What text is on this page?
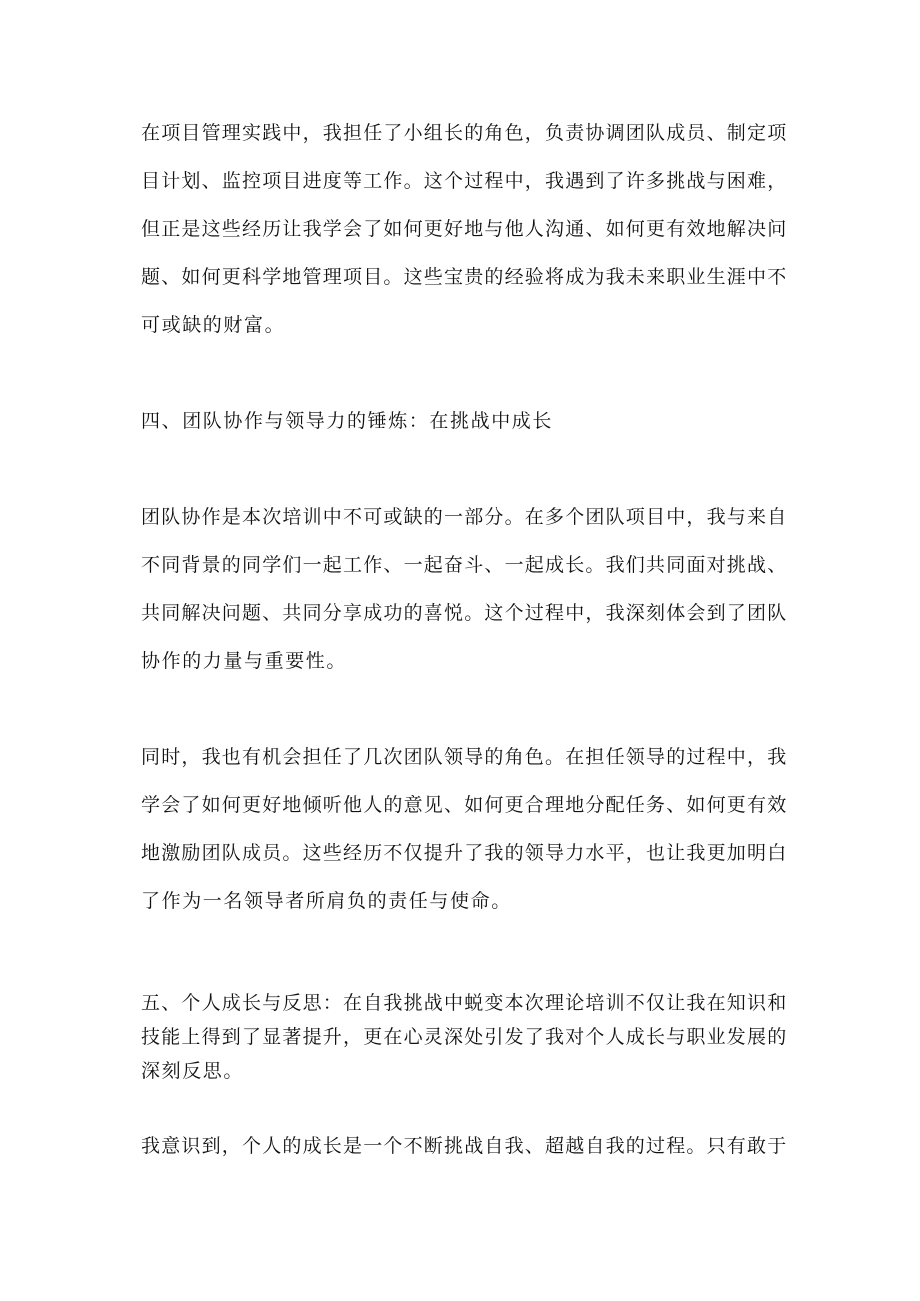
在项目管理实践中，我担任了小组长的角色，负责协调团队成员、制定项
目计划、监控项目进度等工作。这个过程中，我遇到了许多挑战与困难，
但正是这些经历让我学会了如何更好地与他人沟通、如何更有效地解决问
题、如何更科学地管理项目。这些宝贵的经验将成为我未来职业生涯中不
可或缺的财富。
四、团队协作与领导力的锤炼：在挑战中成长
团队协作是本次培训中不可或缺的一部分。在多个团队项目中，我与来自
不同背景的同学们一起工作、一起奋斗、一起成长。我们共同面对挑战、
共同解决问题、共同分享成功的喜悦。这个过程中，我深刻体会到了团队
协作的力量与重要性。
同时，我也有机会担任了几次团队领导的角色。在担任领导的过程中，我
学会了如何更好地倾听他人的意见、如何更合理地分配任务、如何更有效
地激励团队成员。这些经历不仅提升了我的领导力水平，也让我更加明白
了作为一名领导者所肩负的责任与使命。
五、个人成长与反思：在自我挑战中蜕变本次理论培训不仅让我在知识和
技能上得到了显著提升，更在心灵深处引发了我对个人成长与职业发展的
深刻反思。
我意识到，个人的成长是一个不断挑战自我、超越自我的过程。只有敢于
